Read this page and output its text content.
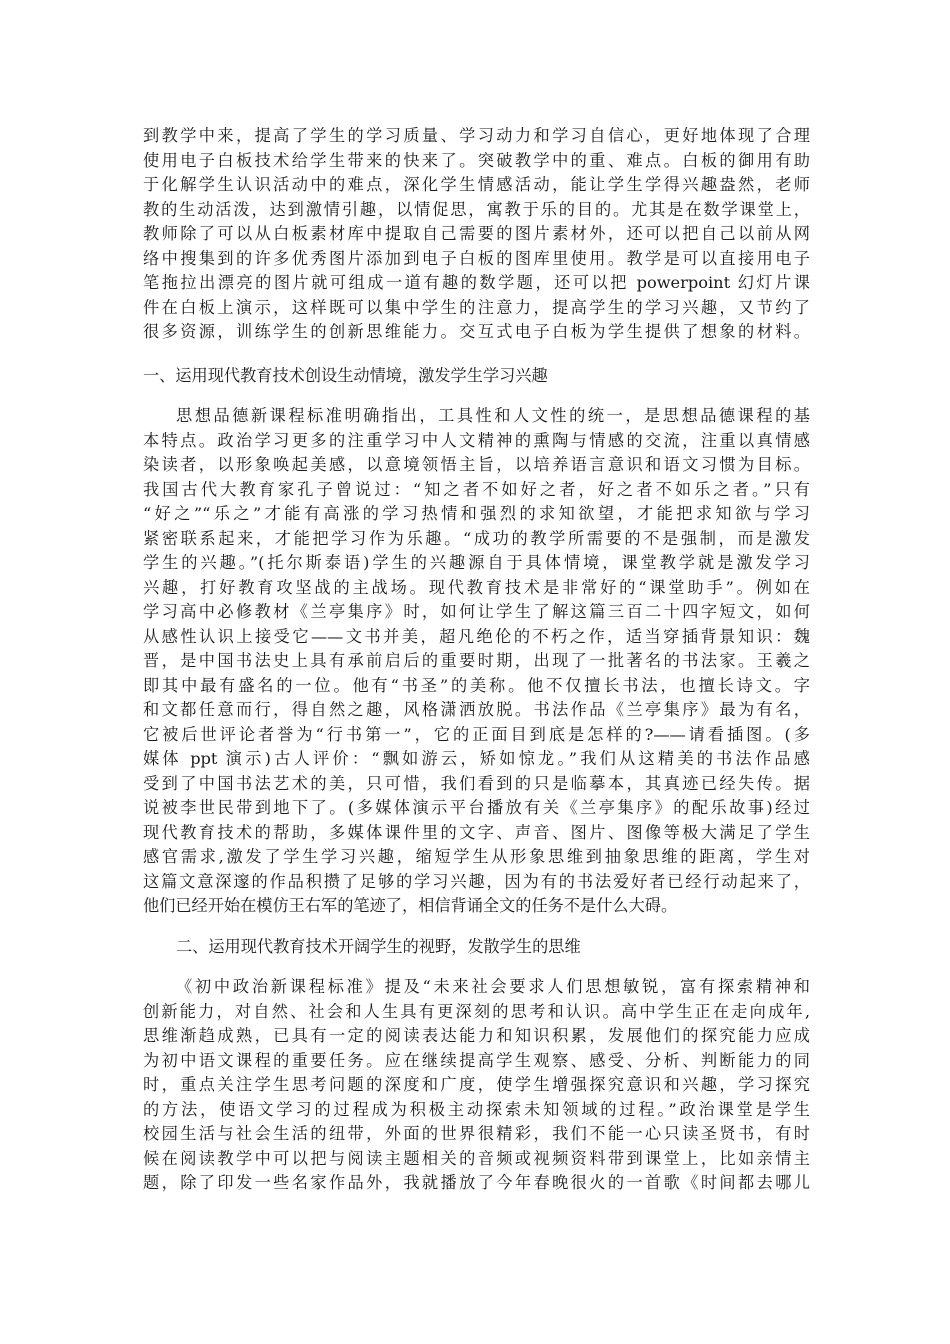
到教学中来，提高了学生的学习质量、学习动力和学习自信心，更好地体现了合理
使用电子白板技术给学生带来的快来了。突破教学中的重、难点。白板的御用有助
于化解学生认识活动中的难点，深化学生情感活动，能让学生学得兴趣盎然，老师
教的生动活泼，达到激情引趣，以情促思，寓教于乐的目的。尤其是在数学课堂上，
教师除了可以从白板素材库中提取自己需要的图片素材外，还可以把自己以前从网
络中搜集到的许多优秀图片添加到电子白板的图库里使用。教学是可以直接用电子
笔拖拉出漂亮的图片就可组成一道有趣的数学题，还可以把 powerpoint 幻灯片课
件在白板上演示，这样既可以集中学生的注意力，提高学生的学习兴趣，又节约了
很多资源，训练学生的创新思维能力。交互式电子白板为学生提供了想象的材料。
一、运用现代教育技术创设生动情境，激发学生学习兴趣
思想品德新课程标准明确指出，工具性和人文性的统一，是思想品德课程的基
本特点。政治学习更多的注重学习中人文精神的熏陶与情感的交流，注重以真情感
染读者，以形象唤起美感，以意境领悟主旨，以培养语言意识和语文习惯为目标。
我国古代大教育家孔子曾说过：“知之者不如好之者，好之者不如乐之者。”只有
“好之”“乐之”才能有高涨的学习热情和强烈的求知欲望，才能把求知欲与学习
紧密联系起来，才能把学习作为乐趣。“成功的教学所需要的不是强制，而是激发
学生的兴趣。”(托尔斯泰语)学生的兴趣源自于具体情境，课堂教学就是激发学习
兴趣，打好教育攻坚战的主战场。现代教育技术是非常好的“课堂助手”。例如在
学习高中必修教材《兰亭集序》时，如何让学生了解这篇三百二十四字短文，如何
从感性认识上接受它——文书并美，超凡绝伦的不朽之作，适当穿插背景知识：魏
晋，是中国书法史上具有承前启后的重要时期，出现了一批著名的书法家。王羲之
即其中最有盛名的一位。他有“书圣”的美称。他不仅擅长书法，也擅长诗文。字
和文都任意而行，得自然之趣，风格潇洒放脱。书法作品《兰亭集序》最为有名，
它被后世评论者誉为“行书第一”，它的正面目到底是怎样的?——请看插图。(多
媒体 ppt 演示)古人评价：“飘如游云，矫如惊龙。”我们从这精美的书法作品感
受到了中国书法艺术的美，只可惜，我们看到的只是临摹本，其真迹已经失传。据
说被李世民带到地下了。(多媒体演示平台播放有关《兰亭集序》的配乐故事)经过
现代教育技术的帮助，多媒体课件里的文字、声音、图片、图像等极大满足了学生
感官需求,激发了学生学习兴趣，缩短学生从形象思维到抽象思维的距离，学生对
这篇文意深邃的作品积攒了足够的学习兴趣，因为有的书法爱好者已经行动起来了，
他们已经开始在模仿王右军的笔迹了，相信背诵全文的任务不是什么大碍。
二、运用现代教育技术开阔学生的视野，发散学生的思维
《初中政治新课程标准》提及“未来社会要求人们思想敏锐，富有探索精神和
创新能力，对自然、社会和人生具有更深刻的思考和认识。高中学生正在走向成年,
思维渐趋成熟，已具有一定的阅读表达能力和知识积累，发展他们的探究能力应成
为初中语文课程的重要任务。应在继续提高学生观察、感受、分析、判断能力的同
时，重点关注学生思考问题的深度和广度，使学生增强探究意识和兴趣，学习探究
的方法，使语文学习的过程成为积极主动探索未知领域的过程。”政治课堂是学生
校园生活与社会生活的纽带，外面的世界很精彩，我们不能一心只读圣贤书，有时
候在阅读教学中可以把与阅读主题相关的音频或视频资料带到课堂上，比如亲情主
题，除了印发一些名家作品外，我就播放了今年春晚很火的一首歌《时间都去哪儿
